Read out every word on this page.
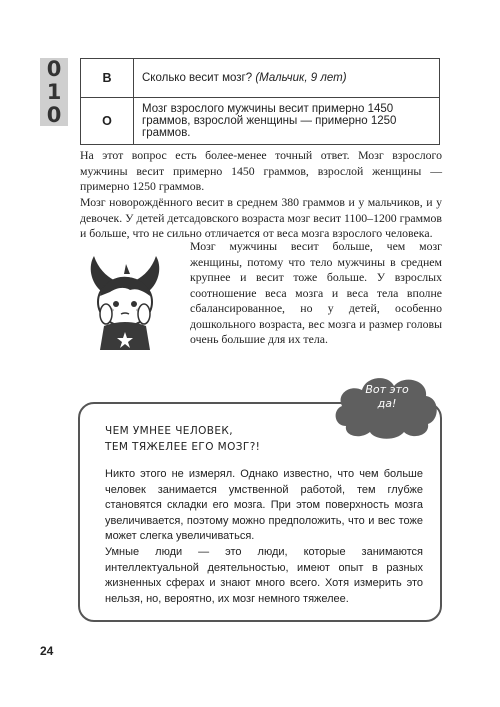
0
1
0
В	Сколько весит мозг? (Мальчик, 9 лет)
О	Мозг взрослого мужчины весит примерно 1450 граммов, взрослой женщины — примерно 1250 граммов.

На этот вопрос есть более-менее точный ответ. Мозг взрослого мужчины весит примерно 1450 граммов, взрослой женщины — примерно 1250 граммов.

Мозг новорождённого весит в среднем 380 граммов и у мальчиков, и у девочек. У детей детсадовского возраста мозг весит 1100–1200 граммов и больше, что не сильно отличается от веса мозга взрослого человека.

Мозг мужчины весит больше, чем мозг женщины, потому что тело мужчины в среднем крупнее и весит тоже больше. У взрослых соотношение веса мозга и веса тела вполне сбалансированное, но у детей, особенно дошкольного возраста, вес мозга и размер головы очень большие для их тела.

Вот это
да!
ЧЕМ УМНЕЕ ЧЕЛОВЕК,
ТЕМ ТЯЖЕЛЕЕ ЕГО МОЗГ?!

Никто этого не измерял. Однако известно, что чем больше человек занимается умственной работой, тем глубже становятся складки его мозга. При этом поверхность мозга увеличивается, поэтому можно предположить, что и вес тоже может слегка увеличиваться.

Умные люди — это люди, которые занимаются интеллектуальной деятельностью, имеют опыт в разных жизненных сферах и знают много всего. Хотя измерить это нельзя, но, вероятно, их мозг немного тяжелее.

24
